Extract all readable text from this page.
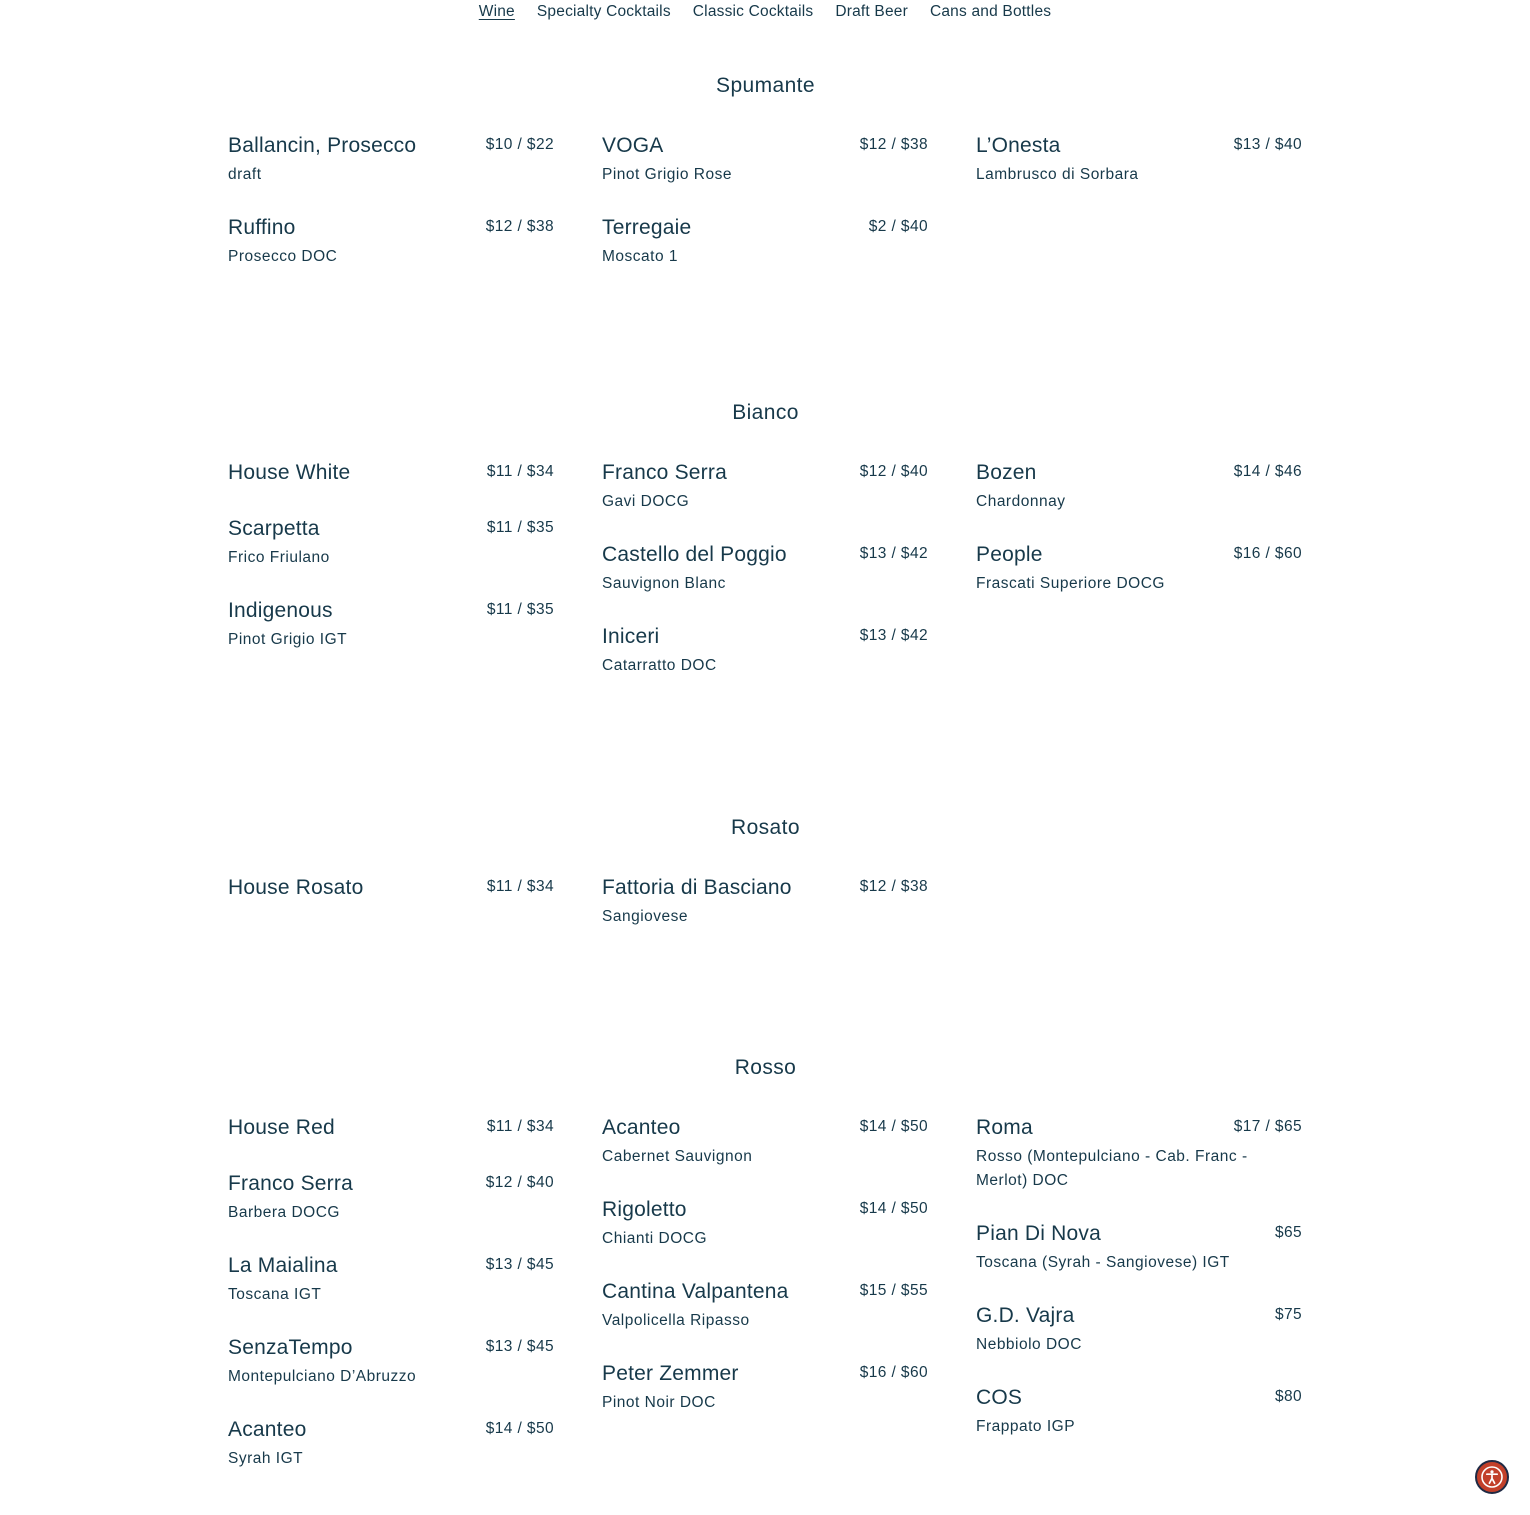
Wine Specialty Cocktails Classic Cocktails Draft Beer Cans and Bottles
Spumante
Ballancin, Prosecco	$10 / $22
draft
Ruffino	$12 / $38
Prosecco DOC
VOGA	$12 / $38
Pinot Grigio Rose
Terregaie	$2 / $40
Moscato 1
L’Onesta	$13 / $40
Lambrusco di Sorbara
Bianco
House White	$11 / $34
Scarpetta	$11 / $35
Frico Friulano
Indigenous	$11 / $35
Pinot Grigio IGT
Franco Serra	$12 / $40
Gavi DOCG
Castello del Poggio	$13 / $42
Sauvignon Blanc
Iniceri	$13 / $42
Catarratto DOC
Bozen	$14 / $46
Chardonnay
People	$16 / $60
Frascati Superiore DOCG
Rosato
House Rosato	$11 / $34 Fattoria di Basciano	$12 / $38
Sangiovese
Rosso
House Red	$11 / $34
Franco Serra	$12 / $40
Barbera DOCG
La Maialina	$13 / $45
Toscana IGT
SenzaTempo	$13 / $45
Montepulciano D’Abruzzo
Acanteo	$14 / $50
Syrah IGT
Acanteo	$14 / $50
Cabernet Sauvignon
Rigoletto	$14 / $50
Chianti DOCG
Cantina Valpantena	$15 / $55
Valpolicella Ripasso
Peter Zemmer	$16 / $60
Pinot Noir DOC
Roma	$17 / $65
Rosso (Montepulciano - Cab. Franc - Merlot) DOC
Pian Di Nova	$65
Toscana (Syrah - Sangiovese) IGT
G.D. Vajra	$75
Nebbiolo DOC
COS	$80
Frappato IGP
